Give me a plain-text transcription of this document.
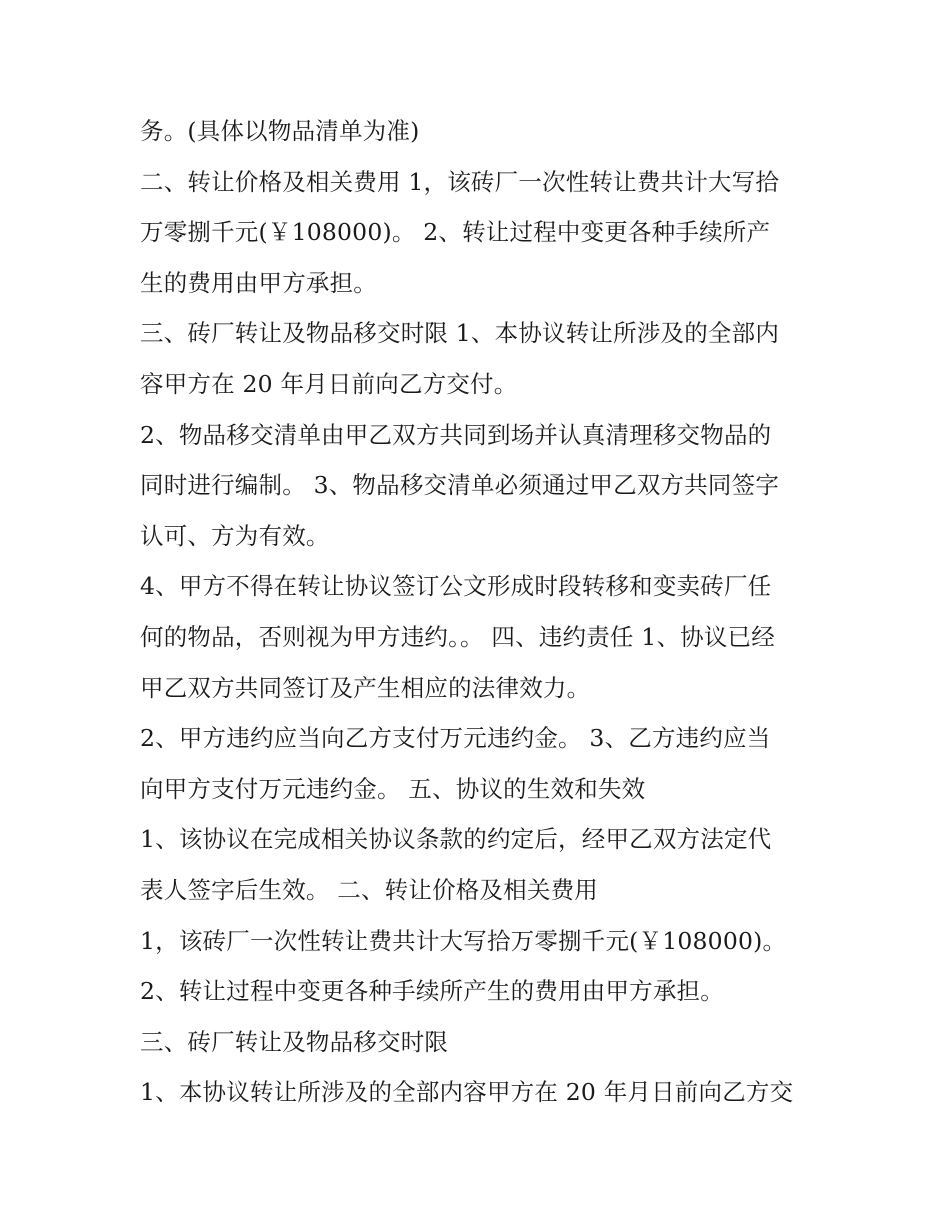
务。(具体以物品清单为准)
二、转让价格及相关费用 1，该砖厂一次性转让费共计大写拾
万零捌千元(￥108000)。 2、转让过程中变更各种手续所产
生的费用由甲方承担。
三、砖厂转让及物品移交时限 1、本协议转让所涉及的全部内
容甲方在 20 年月日前向乙方交付。
2、物品移交清单由甲乙双方共同到场并认真清理移交物品的
同时进行编制。 3、物品移交清单必须通过甲乙双方共同签字
认可、方为有效。
4、甲方不得在转让协议签订公文形成时段转移和变卖砖厂任
何的物品，否则视为甲方违约。。 四、违约责任 1、协议已经
甲乙双方共同签订及产生相应的法律效力。
2、甲方违约应当向乙方支付万元违约金。 3、乙方违约应当
向甲方支付万元违约金。 五、协议的生效和失效
1、该协议在完成相关协议条款的约定后，经甲乙双方法定代
表人签字后生效。 二、转让价格及相关费用
1，该砖厂一次性转让费共计大写拾万零捌千元(￥108000)。
2、转让过程中变更各种手续所产生的费用由甲方承担。
三、砖厂转让及物品移交时限
1、本协议转让所涉及的全部内容甲方在 20 年月日前向乙方交
